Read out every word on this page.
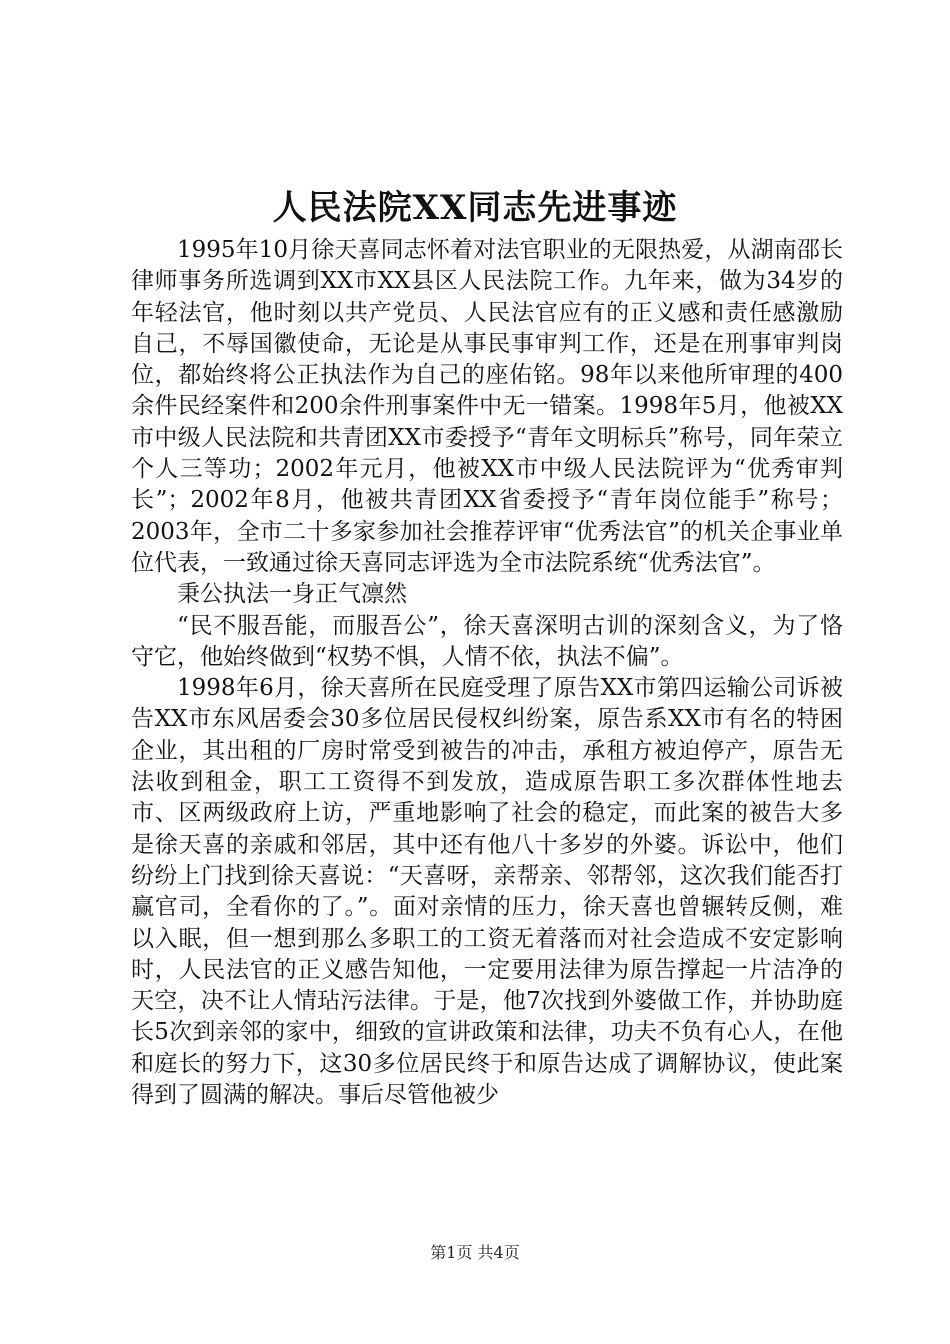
人民法院XX同志先进事迹

1995年10月徐天喜同志怀着对法官职业的无限热爱，从湖南邵长律师事务所选调到XX市XX县区人民法院工作。九年来，做为34岁的年轻法官，他时刻以共产党员、人民法官应有的正义感和责任感激励自己，不辱国徽使命，无论是从事民事审判工作，还是在刑事审判岗位，都始终将公正执法作为自己的座佑铭。98年以来他所审理的400余件民经案件和200余件刑事案件中无一错案。1998年5月，他被XX市中级人民法院和共青团XX市委授予“青年文明标兵”称号，同年荣立个人三等功；2002年元月，他被XX市中级人民法院评为“优秀审判长”；2002年8月，他被共青团XX省委授予“青年岗位能手”称号；2003年，全市二十多家参加社会推荐评审“优秀法官”的机关企事业单位代表，一致通过徐天喜同志评选为全市法院系统“优秀法官”。

秉公执法一身正气凛然

“民不服吾能，而服吾公”，徐天喜深明古训的深刻含义，为了恪守它，他始终做到“权势不惧，人情不依，执法不偏”。

1998年6月，徐天喜所在民庭受理了原告XX市第四运输公司诉被告XX市东风居委会30多位居民侵权纠纷案，原告系XX市有名的特困企业，其出租的厂房时常受到被告的冲击，承租方被迫停产，原告无法收到租金，职工工资得不到发放，造成原告职工多次群体性地去市、区两级政府上访，严重地影响了社会的稳定，而此案的被告大多是徐天喜的亲戚和邻居，其中还有他八十多岁的外婆。诉讼中，他们纷纷上门找到徐天喜说：“天喜呀，亲帮亲、邻帮邻，这次我们能否打赢官司，全看你的了。”。面对亲情的压力，徐天喜也曾辗转反侧，难以入眠，但一想到那么多职工的工资无着落而对社会造成不安定影响时，人民法官的正义感告知他，一定要用法律为原告撑起一片洁净的天空，决不让人情玷污法律。于是，他7次找到外婆做工作，并协助庭长5次到亲邻的家中，细致的宣讲政策和法律，功夫不负有心人，在他和庭长的努力下，这30多位居民终于和原告达成了调解协议，使此案得到了圆满的解决。事后尽管他被少

第1页 共4页
